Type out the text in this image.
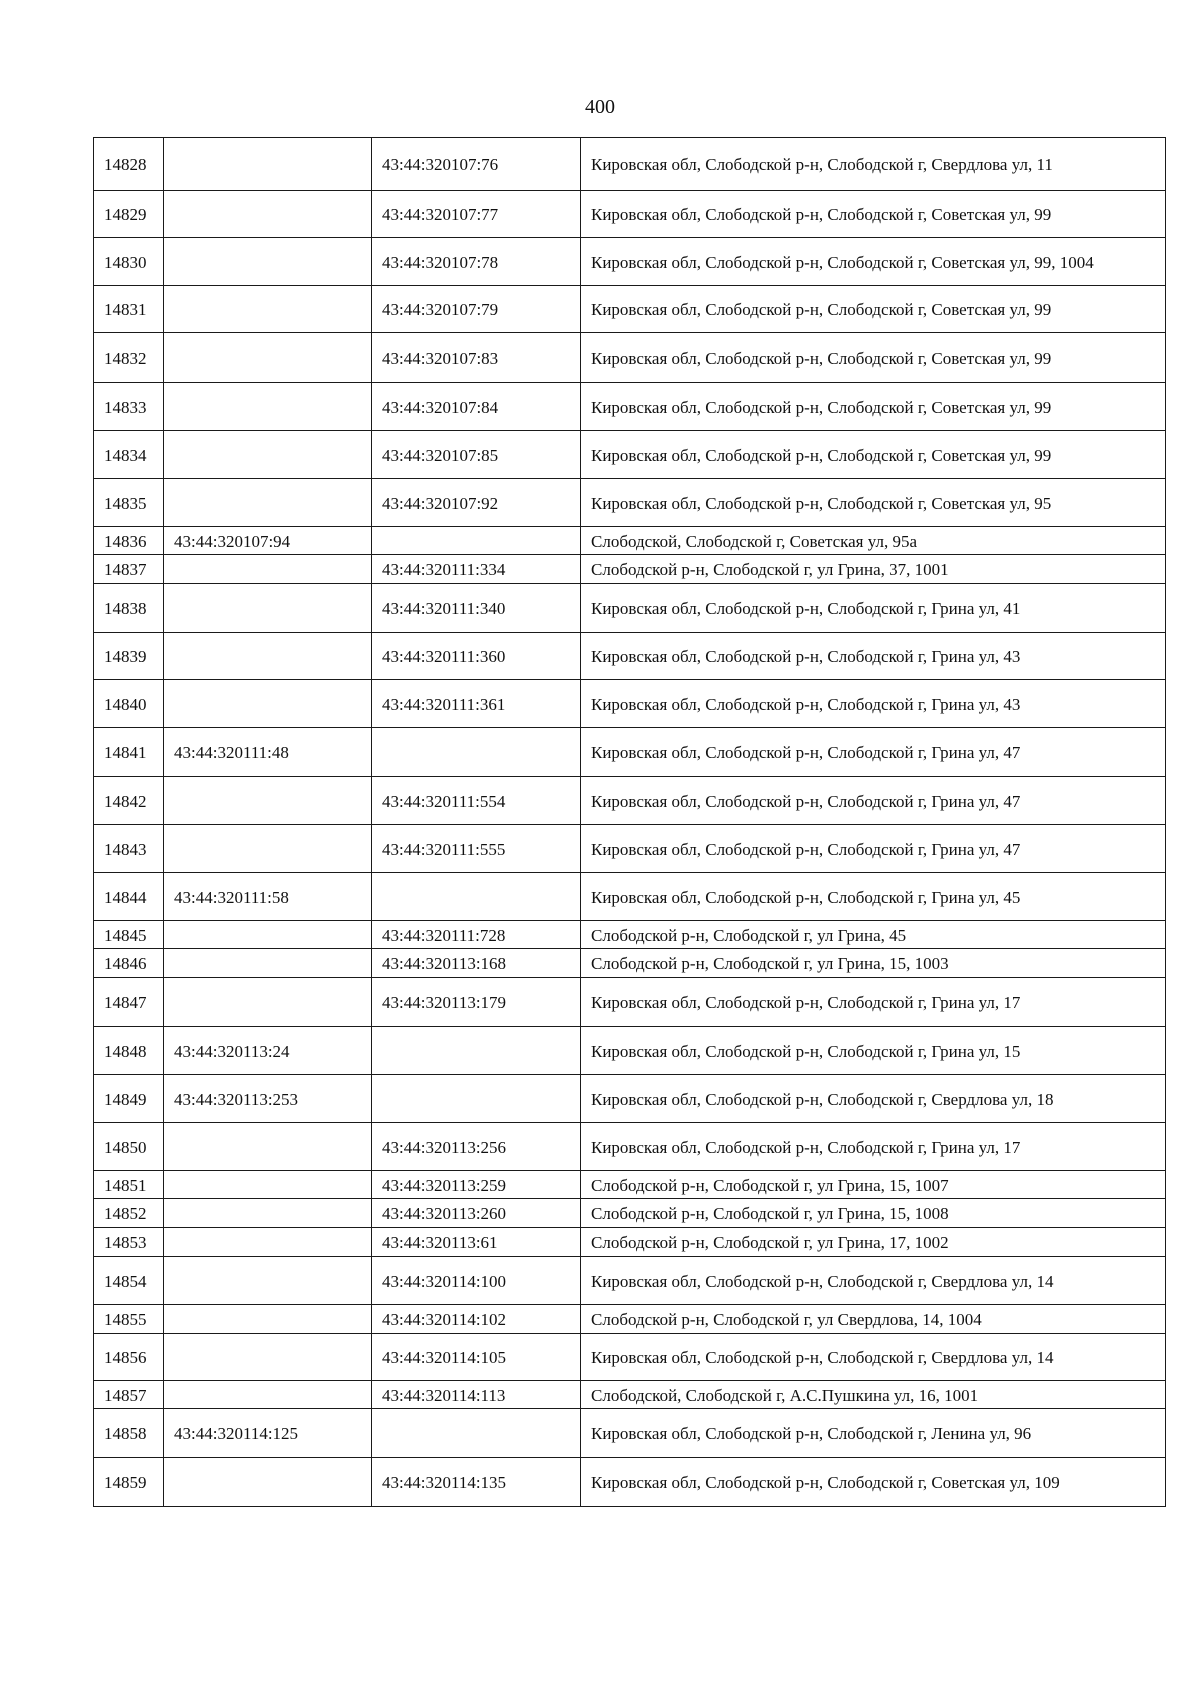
400
14828		43:44:320107:76	Кировская обл, Слободской р-н, Слободской г, Свердлова ул, 11
14829		43:44:320107:77	Кировская обл, Слободской р-н, Слободской г, Советская ул, 99
14830		43:44:320107:78	Кировская обл, Слободской р-н, Слободской г, Советская ул, 99, 1004
14831		43:44:320107:79	Кировская обл, Слободской р-н, Слободской г, Советская ул, 99
14832		43:44:320107:83	Кировская обл, Слободской р-н, Слободской г, Советская ул, 99
14833		43:44:320107:84	Кировская обл, Слободской р-н, Слободской г, Советская ул, 99
14834		43:44:320107:85	Кировская обл, Слободской р-н, Слободской г, Советская ул, 99
14835		43:44:320107:92	Кировская обл, Слободской р-н, Слободской г, Советская ул, 95
14836	43:44:320107:94		Слободской, Слободской г, Советская ул, 95а
14837		43:44:320111:334	Слободской р-н, Слободской г, ул Грина, 37, 1001
14838		43:44:320111:340	Кировская обл, Слободской р-н, Слободской г, Грина ул, 41
14839		43:44:320111:360	Кировская обл, Слободской р-н, Слободской г, Грина ул, 43
14840		43:44:320111:361	Кировская обл, Слободской р-н, Слободской г, Грина ул, 43
14841	43:44:320111:48		Кировская обл, Слободской р-н, Слободской г, Грина ул, 47
14842		43:44:320111:554	Кировская обл, Слободской р-н, Слободской г, Грина ул, 47
14843		43:44:320111:555	Кировская обл, Слободской р-н, Слободской г, Грина ул, 47
14844	43:44:320111:58		Кировская обл, Слободской р-н, Слободской г, Грина ул, 45
14845		43:44:320111:728	Слободской р-н, Слободской г, ул Грина, 45
14846		43:44:320113:168	Слободской р-н, Слободской г, ул Грина, 15, 1003
14847		43:44:320113:179	Кировская обл, Слободской р-н, Слободской г, Грина ул, 17
14848	43:44:320113:24		Кировская обл, Слободской р-н, Слободской г, Грина ул, 15
14849	43:44:320113:253		Кировская обл, Слободской р-н, Слободской г, Свердлова ул, 18
14850		43:44:320113:256	Кировская обл, Слободской р-н, Слободской г, Грина ул, 17
14851		43:44:320113:259	Слободской р-н, Слободской г, ул Грина, 15, 1007
14852		43:44:320113:260	Слободской р-н, Слободской г, ул Грина, 15, 1008
14853		43:44:320113:61	Слободской р-н, Слободской г, ул Грина, 17, 1002
14854		43:44:320114:100	Кировская обл, Слободской р-н, Слободской г, Свердлова ул, 14
14855		43:44:320114:102	Слободской р-н, Слободской г, ул Свердлова, 14, 1004
14856		43:44:320114:105	Кировская обл, Слободской р-н, Слободской г, Свердлова ул, 14
14857		43:44:320114:113	Слободской, Слободской г, А.С.Пушкина ул, 16, 1001
14858	43:44:320114:125		Кировская обл, Слободской р-н, Слободской г, Ленина ул, 96
14859		43:44:320114:135	Кировская обл, Слободской р-н, Слободской г, Советская ул, 109
